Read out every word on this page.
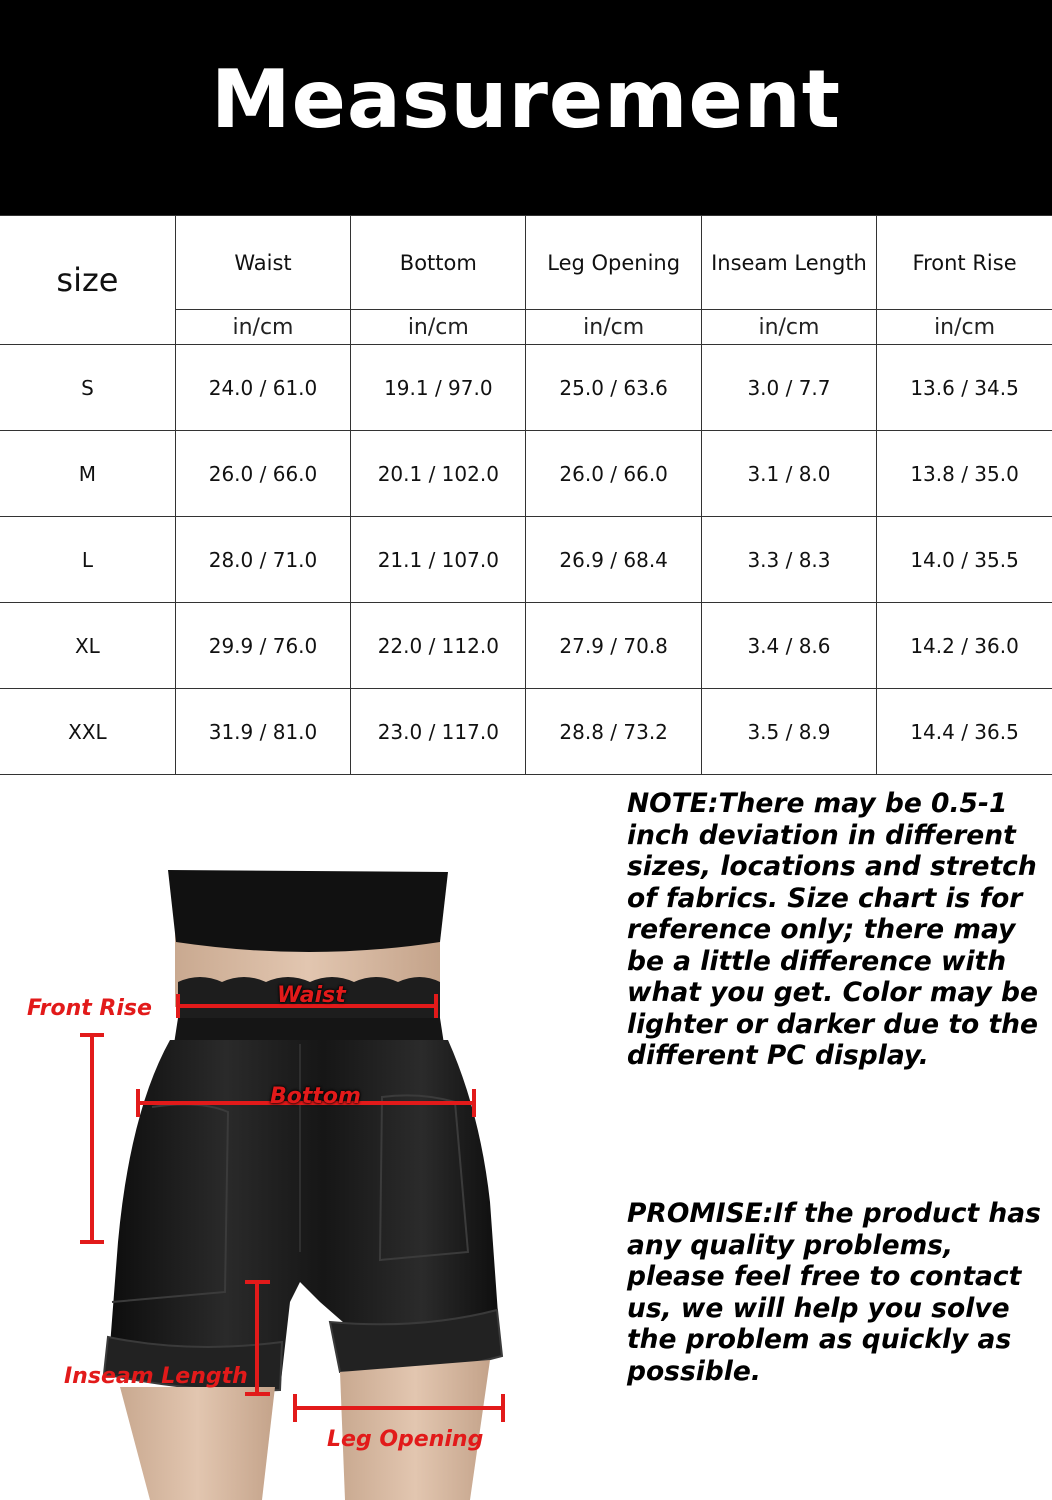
Measurement
size	Waist	Bottom	Leg Opening	Inseam Length	Front Rise
	in/cm	in/cm	in/cm	in/cm	in/cm
S	24.0 / 61.0	19.1 / 97.0	25.0 / 63.6	3.0 / 7.7	13.6 / 34.5
M	26.0 / 66.0	20.1 / 102.0	26.0 / 66.0	3.1 / 8.0	13.8 / 35.0
L	28.0 / 71.0	21.1 / 107.0	26.9 / 68.4	3.3 / 8.3	14.0 / 35.5
XL	29.9 / 76.0	22.0 / 112.0	27.9 / 70.8	3.4 / 8.6	14.2 / 36.0
XXL	31.9 / 81.0	23.0 / 117.0	28.8 / 73.2	3.5 / 8.9	14.4 / 36.5
Front Rise
Waist
Bottom
Inseam Length
Leg Opening
NOTE:There may be 0.5-1 inch deviation in different sizes, locations and stretch of fabrics. Size chart is for reference only; there may be a little difference with what you get. Color may be lighter or darker due to the different PC display.
PROMISE:If the product has any quality problems, please feel free to contact us, we will help you solve the problem as quickly as possible.
